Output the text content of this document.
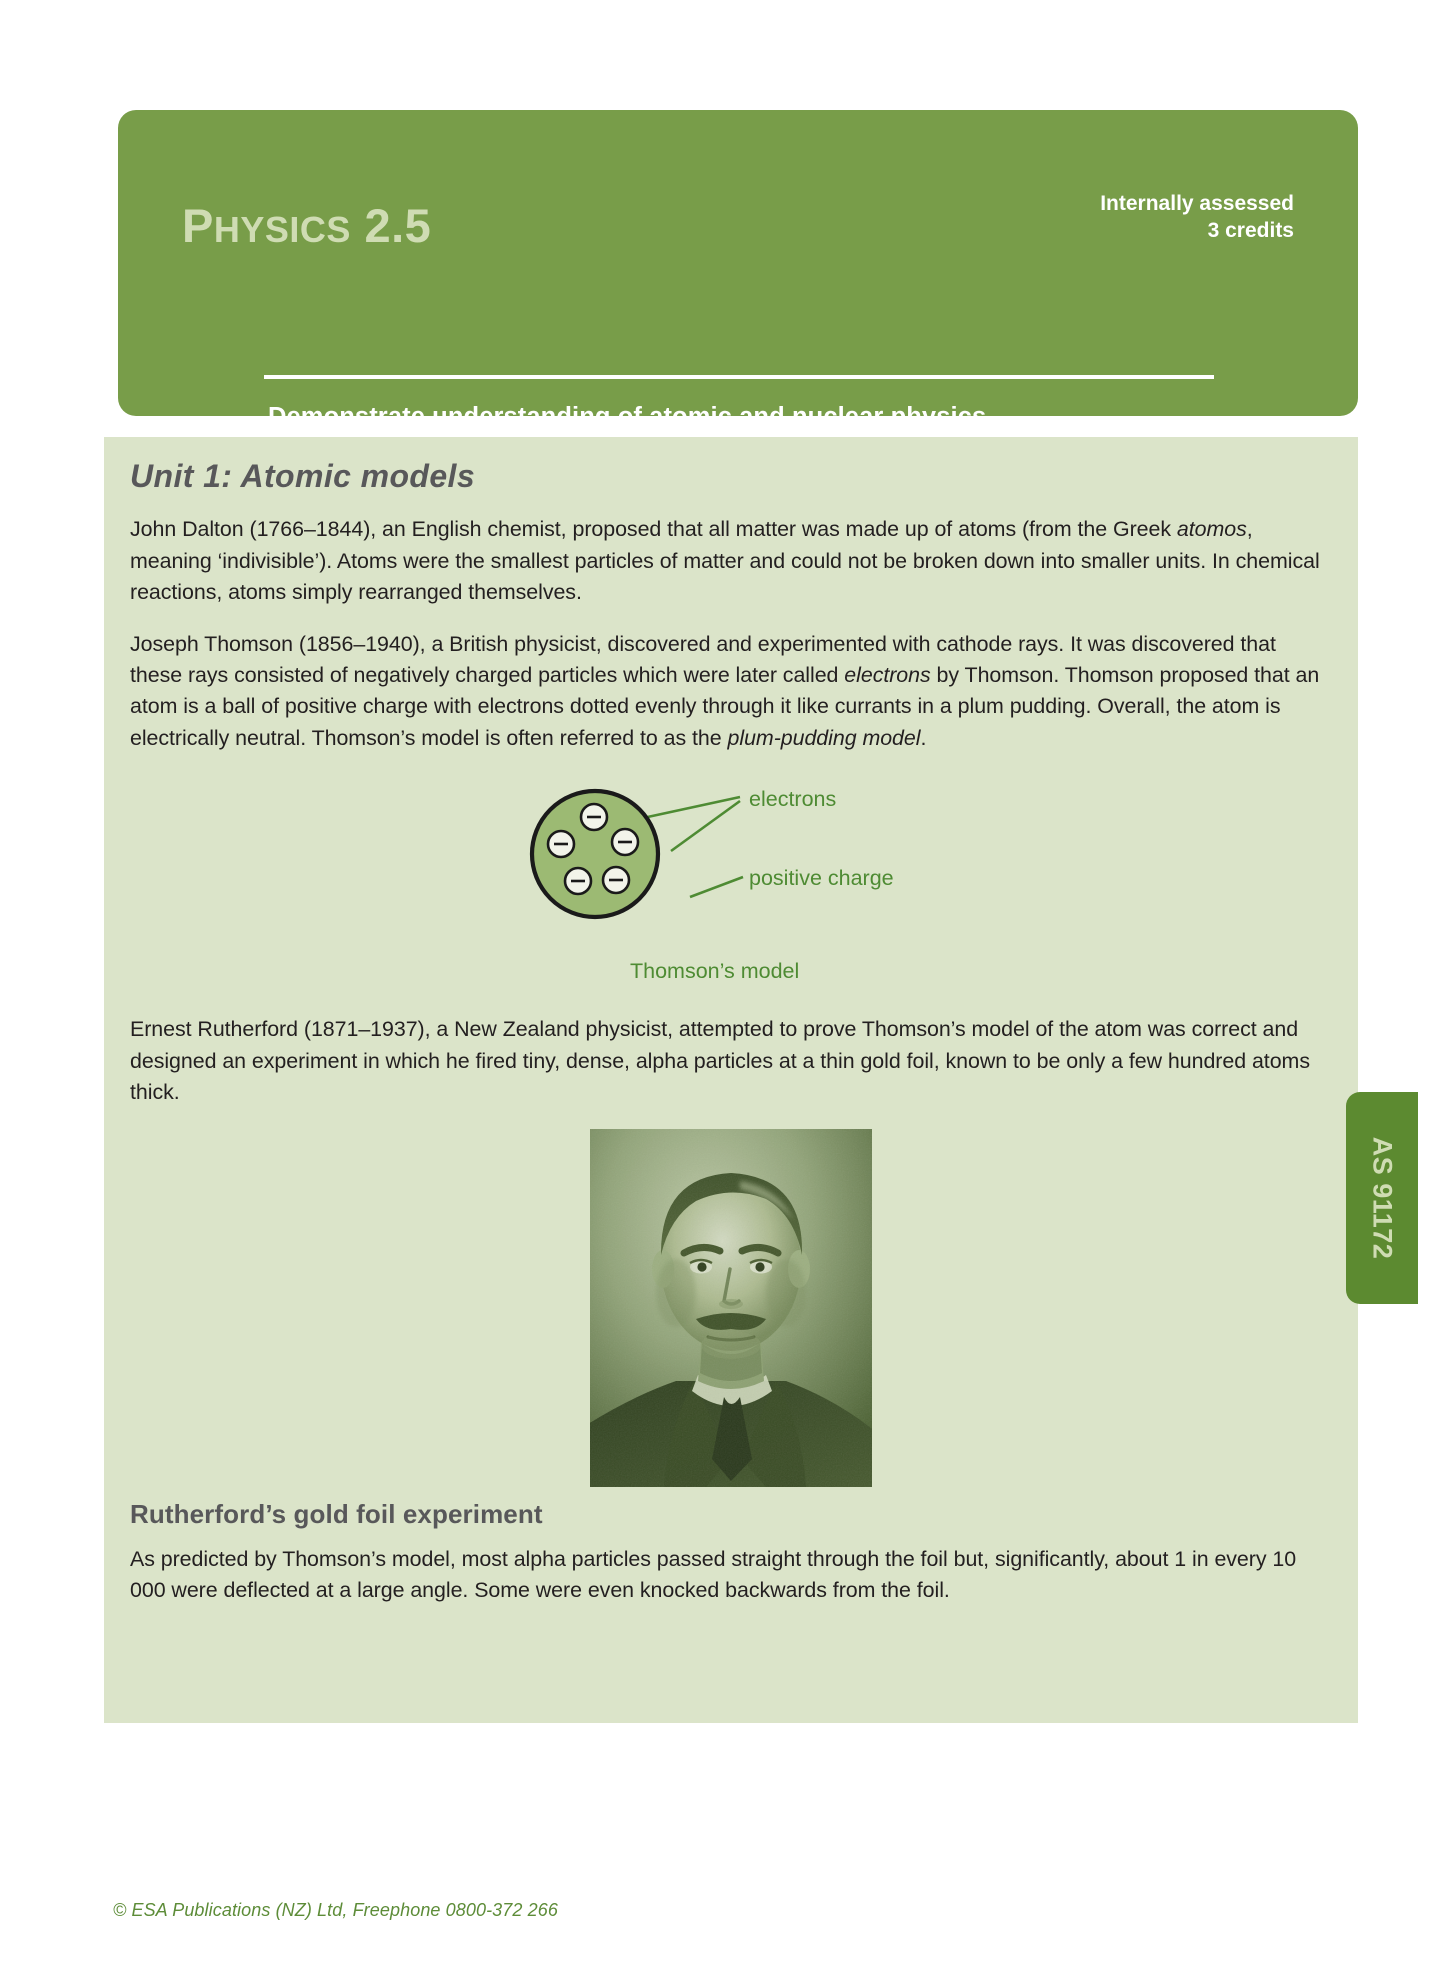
PHYSICS 2.5	Internally assessed
3 credits
Demonstrate understanding of atomic and nuclear physics
Unit 1: Atomic models

John Dalton (1766–1844), an English chemist, proposed that all matter was made up of atoms (from the Greek atomos, meaning ‘indivisible’). Atoms were the smallest particles of matter and could not be broken down into smaller units. In chemical reactions, atoms simply rearranged themselves.

Joseph Thomson (1856–1940), a British physicist, discovered and experimented with cathode rays. It was discovered that these rays consisted of negatively charged particles which were later called electrons by Thomson. Thomson proposed that an atom is a ball of positive charge with electrons dotted evenly through it like currants in a plum pudding. Overall, the atom is electrically neutral. Thomson’s model is often referred to as the plum-pudding model.

electrons
positive charge
Thomson’s model

Ernest Rutherford (1871–1937), a New Zealand physicist, attempted to prove Thomson’s model of the atom was correct and designed an experiment in which he fired tiny, dense, alpha particles at a thin gold foil, known to be only a few hundred atoms thick.

Rutherford’s gold foil experiment

As predicted by Thomson’s model, most alpha particles passed straight through the foil but, significantly, about 1 in every 10 000 were deflected at a large angle. Some were even knocked backwards from the foil.

AS 91172
© ESA Publications (NZ) Ltd, Freephone 0800-372 266
